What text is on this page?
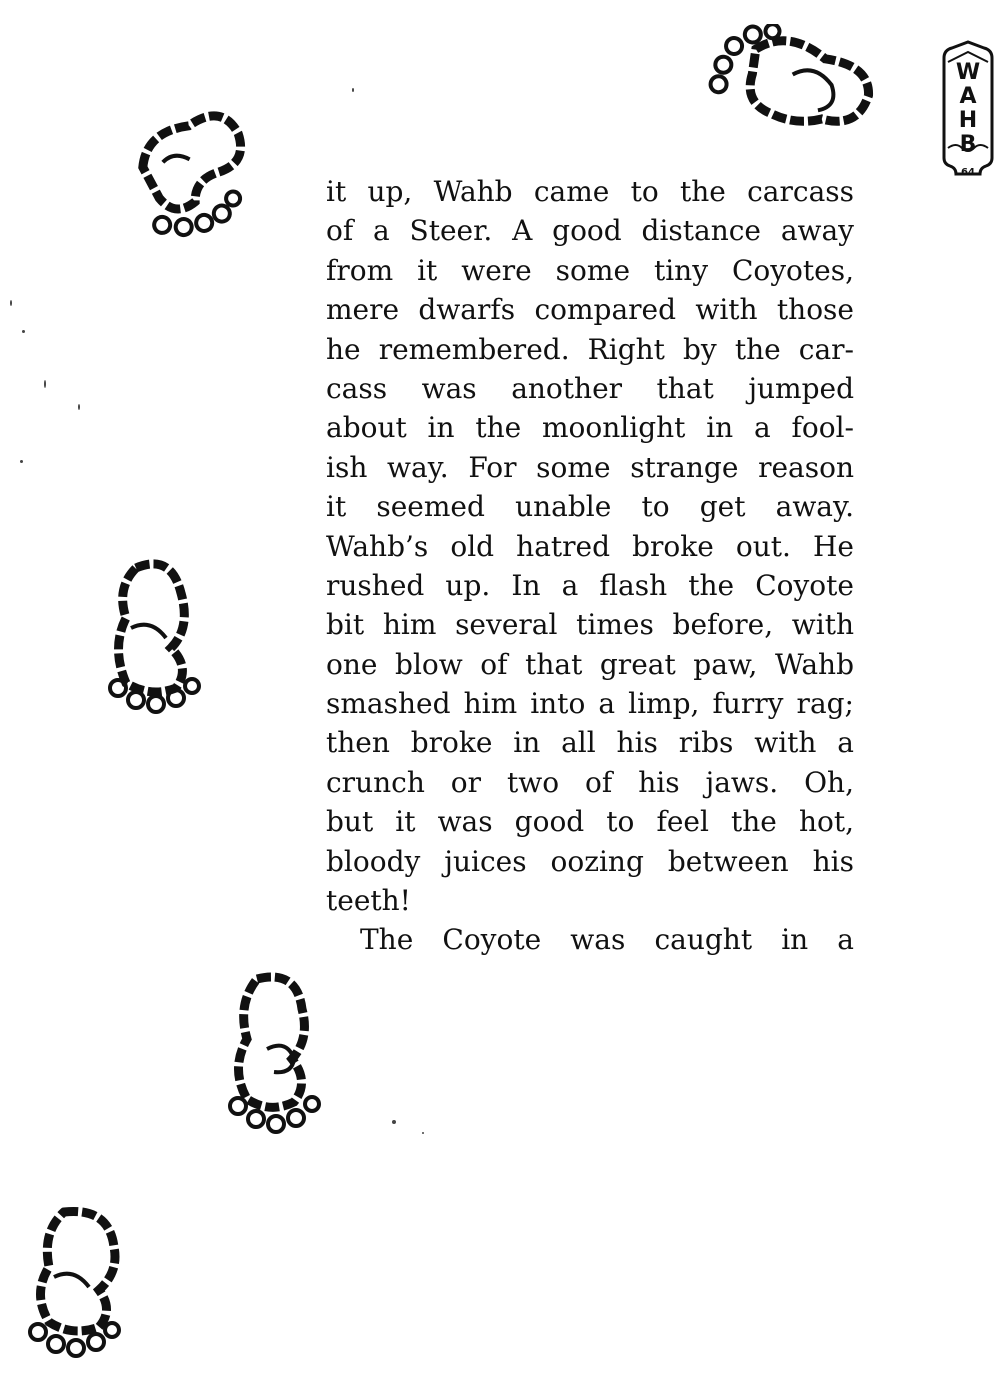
W
A
H
B
64
it up, Wahb came to the carcass
of a Steer. A good distance away
from it were some tiny Coyotes,
mere dwarfs compared with those
he remembered. Right by the car-
cass was another that jumped
about in the moonlight in a fool-
ish way. For some strange reason
it seemed unable to get away.
Wahb’s old hatred broke out. He
rushed up. In a flash the Coyote
bit him several times before, with
one blow of that great paw, Wahb
smashed him into a limp, furry rag;
then broke in all his ribs with a
crunch or two of his jaws. Oh,
but it was good to feel the hot,
bloody juices oozing between his
teeth!
The Coyote was caught in a
